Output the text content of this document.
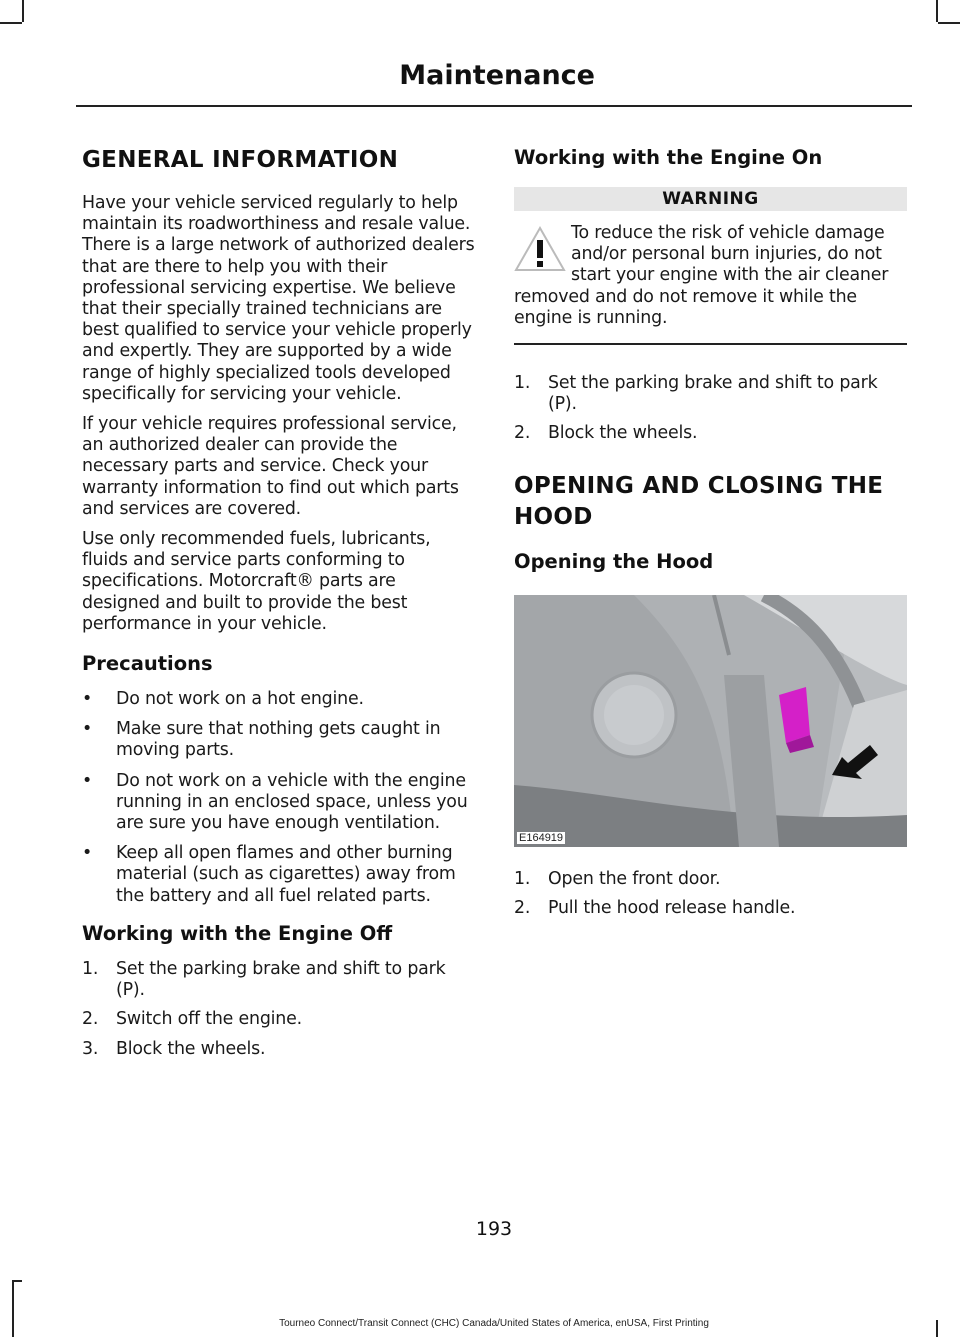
Maintenance
GENERAL INFORMATION

Have your vehicle serviced regularly to help maintain its roadworthiness and resale value. There is a large network of authorized dealers that are there to help you with their professional servicing expertise. We believe that their specially trained technicians are best qualified to service your vehicle properly and expertly. They are supported by a wide range of highly specialized tools developed specifically for servicing your vehicle.

If your vehicle requires professional service, an authorized dealer can provide the necessary parts and service. Check your warranty information to find out which parts and services are covered.

Use only recommended fuels, lubricants, fluids and service parts conforming to specifications. Motorcraft® parts are designed and built to provide the best performance in your vehicle.

Precautions
• Do not work on a hot engine.
• Make sure that nothing gets caught in moving parts.
• Do not work on a vehicle with the engine running in an enclosed space, unless you are sure you have enough ventilation.
• Keep all open flames and other burning material (such as cigarettes) away from the battery and all fuel related parts.
Working with the Engine Off
1. Set the parking brake and shift to park (P).
2. Switch off the engine.
3. Block the wheels.
Working with the Engine On
WARNING
To reduce the risk of vehicle damage
and/or personal burn injuries, do not
start your engine with the air cleaner
removed and do not remove it while the
engine is running.
1. Set the parking brake and shift to park (P).
2. Block the wheels.
OPENING AND CLOSING THE
HOOD
Opening the Hood
E164919
1. Open the front door.
2. Pull the hood release handle.
193
Tourneo Connect/Transit Connect (CHC) Canada/United States of America, enUSA, First Printing
